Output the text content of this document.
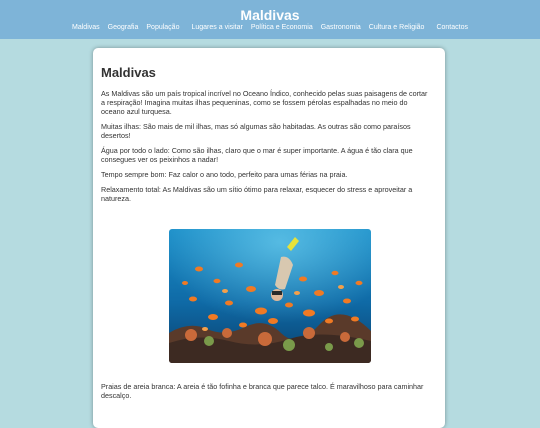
Maldivas
Maldivas	Geografia	População	Lugares a visitar	Política e Economia	Gastronomia	Cultura e Religião	Contactos
Maldivas

As Maldivas são um país tropical incrível no Oceano Índico, conhecido pelas suas paisagens de cortar a respiração! Imagina muitas ilhas pequeninas, como se fossem pérolas espalhadas no meio do oceano azul turquesa.

Muitas ilhas: São mais de mil ilhas, mas só algumas são habitadas. As outras são como paraísos desertos!

Água por todo o lado: Como são ilhas, claro que o mar é super importante. A água é tão clara que consegues ver os peixinhos a nadar!

Tempo sempre bom: Faz calor o ano todo, perfeito para umas férias na praia.

Relaxamento total: As Maldivas são um sítio ótimo para relaxar, esquecer do stress e aproveitar a natureza.

Praias de areia branca: A areia é tão fofinha e branca que parece talco. É maravilhoso para caminhar descalço.
